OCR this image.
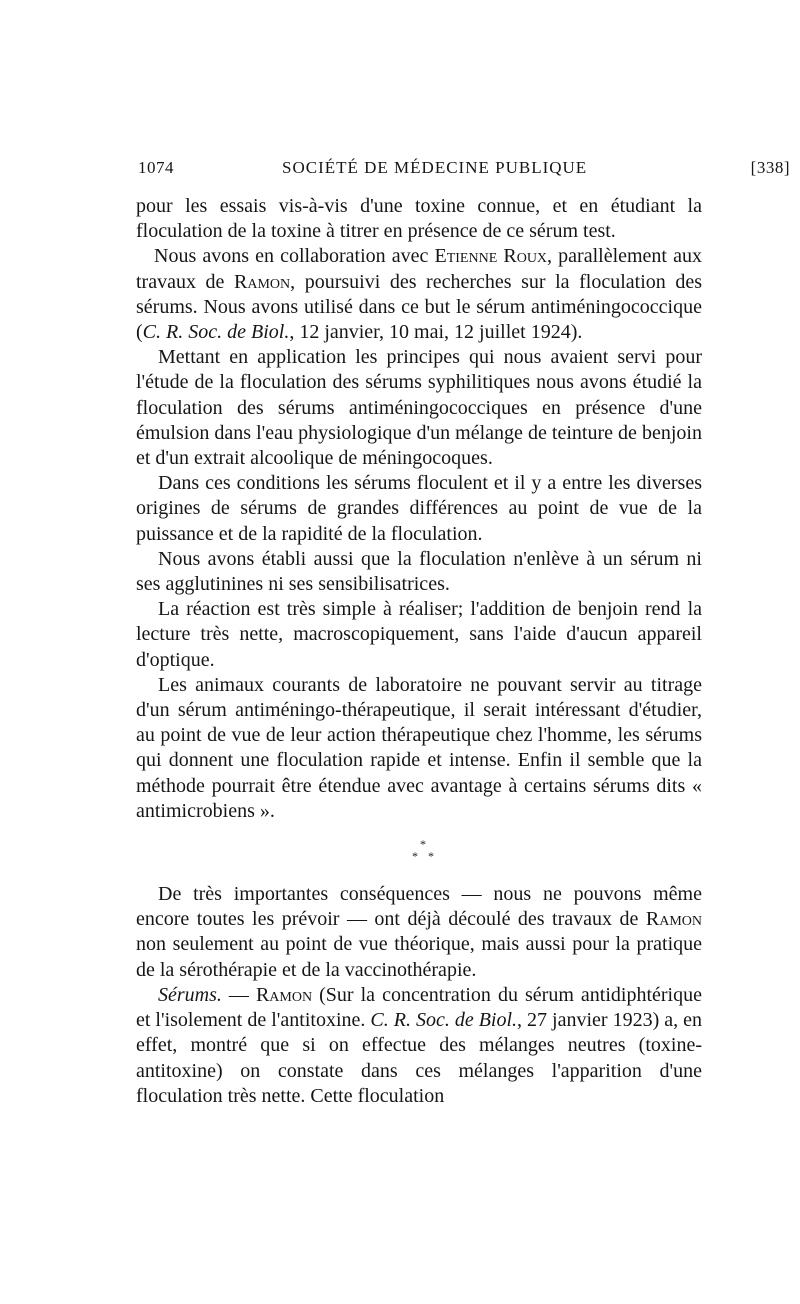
1074	SOCIÉTÉ DE MÉDECINE PUBLIQUE	[338]

pour les essais vis-à-vis d'une toxine connue, et en étudiant la floculation de la toxine à titrer en présence de ce sérum test.

Nous avons en collaboration avec Etienne Roux, parallèlement aux travaux de Ramon, poursuivi des recherches sur la floculation des sérums. Nous avons utilisé dans ce but le sérum antiméningococcique (C. R. Soc. de Biol., 12 janvier, 10 mai, 12 juillet 1924).

Mettant en application les principes qui nous avaient servi pour l'étude de la floculation des sérums syphilitiques nous avons étudié la floculation des sérums antiméningococciques en présence d'une émulsion dans l'eau physiologique d'un mélange de teinture de benjoin et d'un extrait alcoolique de méningocoques.

Dans ces conditions les sérums floculent et il y a entre les diverses origines de sérums de grandes différences au point de vue de la puissance et de la rapidité de la floculation.

Nous avons établi aussi que la floculation n'enlève à un sérum ni ses agglutinines ni ses sensibilisatrices.

La réaction est très simple à réaliser; l'addition de benjoin rend la lecture très nette, macroscopiquement, sans l'aide d'aucun appareil d'optique.

Les animaux courants de laboratoire ne pouvant servir au titrage d'un sérum antiméningo-thérapeutique, il serait intéressant d'étudier, au point de vue de leur action thérapeutique chez l'homme, les sérums qui donnent une floculation rapide et intense. Enfin il semble que la méthode pourrait être étendue avec avantage à certains sérums dits « antimicrobiens ».

*
* *

De très importantes conséquences — nous ne pouvons même encore toutes les prévoir — ont déjà découlé des travaux de Ramon non seulement au point de vue théorique, mais aussi pour la pratique de la sérothérapie et de la vaccinothérapie.

Sérums. — Ramon (Sur la concentration du sérum antidiphtérique et l'isolement de l'antitoxine. C. R. Soc. de Biol., 27 janvier 1923) a, en effet, montré que si on effectue des mélanges neutres (toxine-antitoxine) on constate dans ces mélanges l'apparition d'une floculation très nette. Cette floculation
